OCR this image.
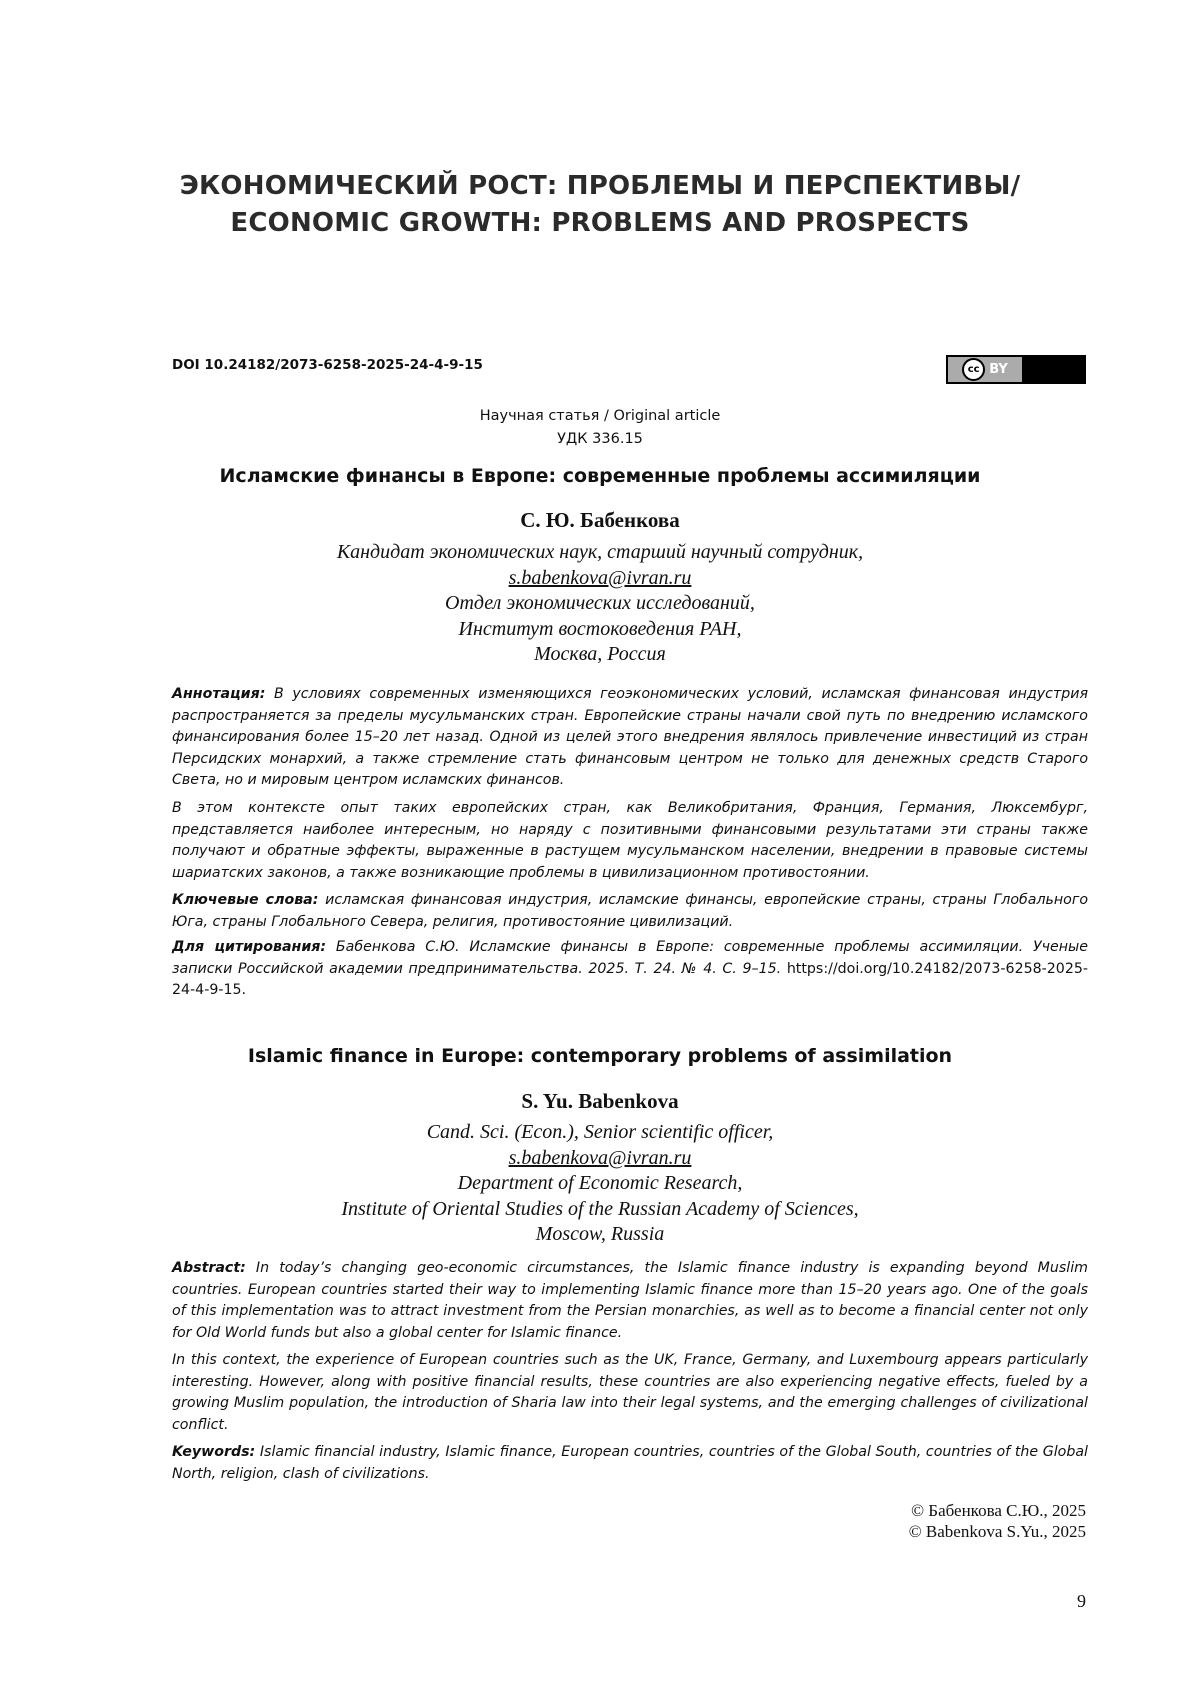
ЭКОНОМИЧЕСКИЙ РОСТ: ПРОБЛЕМЫ И ПЕРСПЕКТИВЫ/
ECONOMIC GROWTH: PROBLEMS AND PROSPECTS
DOI 10.24182/2073-6258-2025-24-4-9-15	cc BY
Научная статья / Original article
УДК 336.15
Исламские финансы в Европе: современные проблемы ассимиляции
С. Ю. Бабенкова
Кандидат экономических наук, старший научный сотрудник,
s.babenkova@ivran.ru
Отдел экономических исследований,
Институт востоковедения РАН,
Москва, Россия

Аннотация: В условиях современных изменяющихся геоэкономических условий, исламская финансовая индустрия распространяется за пределы мусульманских стран. Европейские страны начали свой путь по внедрению исламского финансирования более 15–20 лет назад. Одной из целей этого внедрения являлось привлечение инвестиций из стран Персидских монархий, а также стремление стать финансовым центром не только для денежных средств Старого Света, но и мировым центром исламских финансов.

В этом контексте опыт таких европейских стран, как Великобритания, Франция, Германия, Люксембург, представляется наиболее интересным, но наряду с позитивными финансовыми результатами эти страны также получают и обратные эффекты, выраженные в растущем мусульманском населении, внедрении в правовые системы шариатских законов, а также возникающие проблемы в цивилизационном противостоянии.

Ключевые слова: исламская финансовая индустрия, исламские финансы, европейские страны, страны Глобального Юга, страны Глобального Севера, религия, противостояние цивилизаций.

Для цитирования: Бабенкова С.Ю. Исламские финансы в Европе: современные проблемы ассимиляции. Ученые записки Российской академии предпринимательства. 2025. Т. 24. № 4. С. 9–15. https://doi.org/10.24182/2073-6258-2025-24-4-9-15.

Islamic finance in Europe: contemporary problems of assimilation
S. Yu. Babenkova
Cand. Sci. (Econ.), Senior scientific officer,
s.babenkova@ivran.ru
Department of Economic Research,
Institute of Oriental Studies of the Russian Academy of Sciences,
Moscow, Russia

Abstract: In today’s changing geo-economic circumstances, the Islamic finance industry is expanding beyond Muslim countries. European countries started their way to implementing Islamic finance more than 15–20 years ago. One of the goals of this implementation was to attract investment from the Persian monarchies, as well as to become a financial center not only for Old World funds but also a global center for Islamic finance.

In this context, the experience of European countries such as the UK, France, Germany, and Luxembourg appears particularly interesting. However, along with positive financial results, these countries are also experiencing negative effects, fueled by a growing Muslim population, the introduction of Sharia law into their legal systems, and the emerging challenges of civilizational conflict.

Keywords: Islamic financial industry, Islamic finance, European countries, countries of the Global South, countries of the Global North, religion, clash of civilizations.

© Бабенкова С.Ю., 2025
© Babenkova S.Yu., 2025
9
